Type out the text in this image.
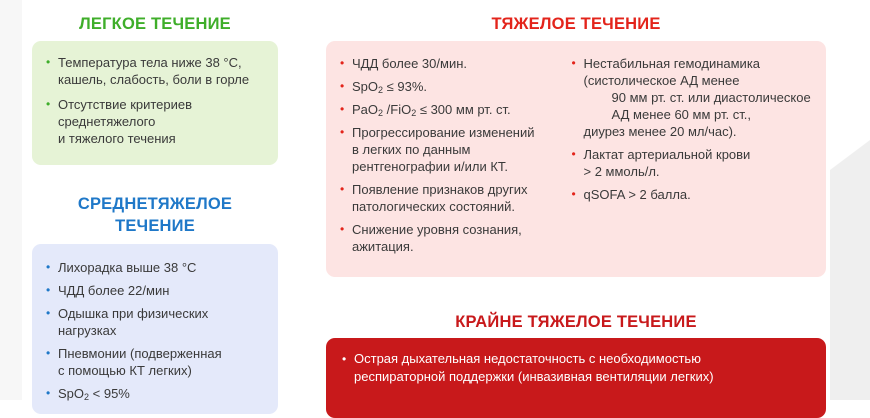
ЛЕГКОЕ ТЕЧЕНИЕ
• Температура тела ниже 38 °С,
кашель, слабость, боли в горле
• Отсутствие критериев
среднетяжелого
и тяжелого течения
СРЕДНЕТЯЖЕЛОЕ
ТЕЧЕНИЕ
• Лихорадка выше 38 °С
• ЧДД более 22/мин
• Одышка при физических
нагрузках
• Пневмонии (подверженная
с помощью КТ легких)
• SpO$_2$ < 95%
ТЯЖЕЛОЕ ТЕЧЕНИЕ
• ЧДД более 30/мин.
• SpO$_2$ ≤ 93%.
• PaO$_2$ /FiO$_2$ ≤ 300 мм рт. ст.
• Прогрессирование изменений
в легких по данным
рентгенографии и/или КТ.
• Появление признаков других
патологических состояний.
• Снижение уровня сознания,
ажитация.
• Нестабильная гемодинамика
(систолическое АД менее
90 мм рт. ст. или диастолическое
АД менее 60 мм рт. ст.,
диурез менее 20 мл/час).
• Лактат артериальной крови
> 2 ммоль/л.
• qSOFA > 2 балла.
КРАЙНЕ ТЯЖЕЛОЕ ТЕЧЕНИЕ
• Острая дыхательная недостаточность с необходимостью
респираторной поддержки (инвазивная вентиляции легких)
